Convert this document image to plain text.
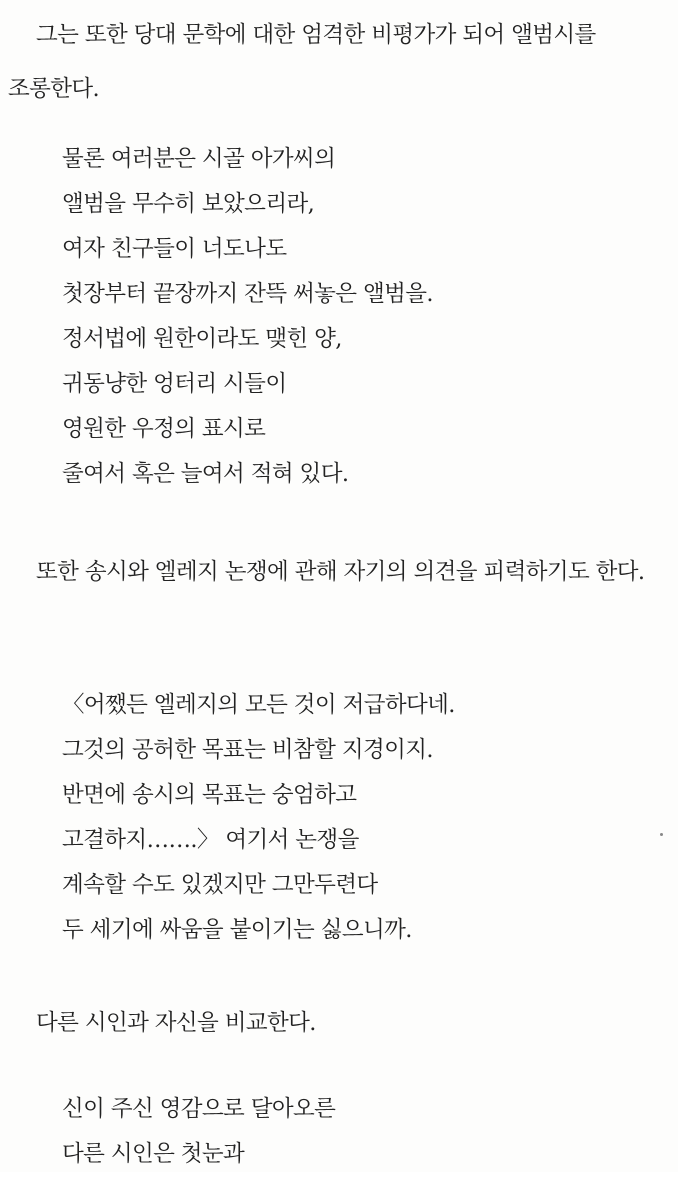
그는 또한 당대 문학에 대한 엄격한 비평가가 되어 앨범시를 조롱한다.

물론 여러분은 시골 아가씨의
앨범을 무수히 보았으리라,
여자 친구들이 너도나도
첫장부터 끝장까지 잔뜩 써놓은 앨범을.
정서법에 원한이라도 맺힌 양,
귀동냥한 엉터리 시들이
영원한 우정의 표시로
줄여서 혹은 늘여서 적혀 있다.

또한 송시와 엘레지 논쟁에 관해 자기의 의견을 피력하기도 한다.

〈어쨌든 엘레지의 모든 것이 저급하다네.
그것의 공허한 목표는 비참할 지경이지.
반면에 송시의 목표는 숭엄하고
고결하지…….〉 여기서 논쟁을
계속할 수도 있겠지만 그만두련다
두 세기에 싸움을 붙이기는 싫으니까.

다른 시인과 자신을 비교한다.

신이 주신 영감으로 달아오른
다른 시인은 첫눈과
